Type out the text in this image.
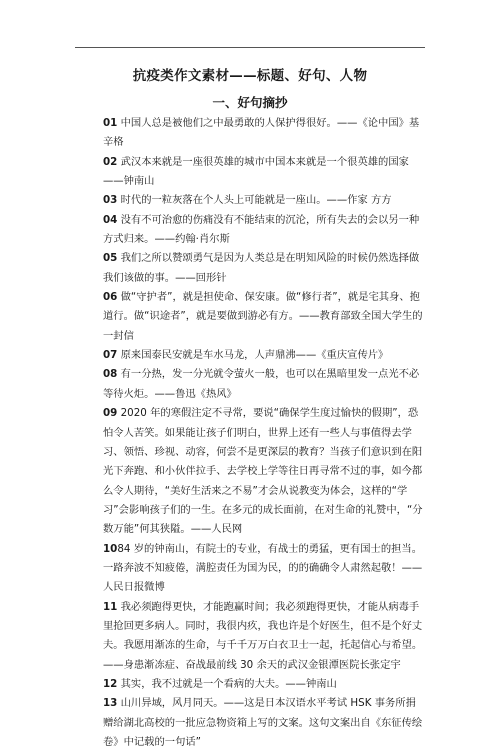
抗疫类作文素材——标题、好句、人物
一、好句摘抄

01 中国人总是被他们之中最勇敢的人保护得很好。——《论中国》基辛格

02 武汉本来就是一座很英雄的城市中国本来就是一个很英雄的国家——钟南山

03 时代的一粒灰落在个人头上可能就是一座山。——作家 方方

04 没有不可治愈的伤痛没有不能结束的沉沦，所有失去的会以另一种方式归来。——约翰·肖尔斯

05 我们之所以赞颂勇气是因为人类总是在明知风险的时候仍然选择做我们该做的事。——回形针

06 做“守护者”，就是担使命、保安康。做“修行者”，就是宅其身、抱道行。做“识途者”，就是要做到游必有方。——教育部致全国大学生的一封信

07 原来国泰民安就是车水马龙，人声鼎沸——《重庆宣传片》

08 有一分热，发一分光就令萤火一般，也可以在黑暗里发一点光不必等待火炬。——鲁迅《热风》

09 2020 年的寒假注定不寻常，要说“确保学生度过愉快的假期”，恐怕令人苦笑。如果能让孩子们明白，世界上还有一些人与事值得去学习、领悟、珍视、动容，何尝不是更深层的教育？当孩子们意识到在阳光下奔跑、和小伙伴拉手、去学校上学等往日再寻常不过的事，如今都么令人期待，“美好生活来之不易”才会从说教变为体会，这样的“学习”会影响孩子们的一生。在多元的成长面前，在对生命的礼赞中，“分数万能”何其狭隘。——人民网

1084 岁的钟南山，有院士的专业，有战士的勇猛，更有国士的担当。一路奔波不知疲倦，满腔责任为国为民，的的确确令人肃然起敬！——人民日报微博

11 我必须跑得更快，才能跑赢时间；我必须跑得更快，才能从病毒手里抢回更多病人。同时，我很内疚，我也许是个好医生，但不是个好丈夫。我愿用渐冻的生命，与千千万万白衣卫士一起，托起信心与希望。——身患渐冻症、奋战最前线 30 余天的武汉金银潭医院长张定宇

12 其实，我不过就是一个看病的大夫。——钟南山

13 山川异域，风月同天。——这是日本汉语水平考试 HSK 事务所捐赠给湖北高校的一批应急物资箱上写的文案。这句文案出自《东征传绘卷》中记载的一句话”
